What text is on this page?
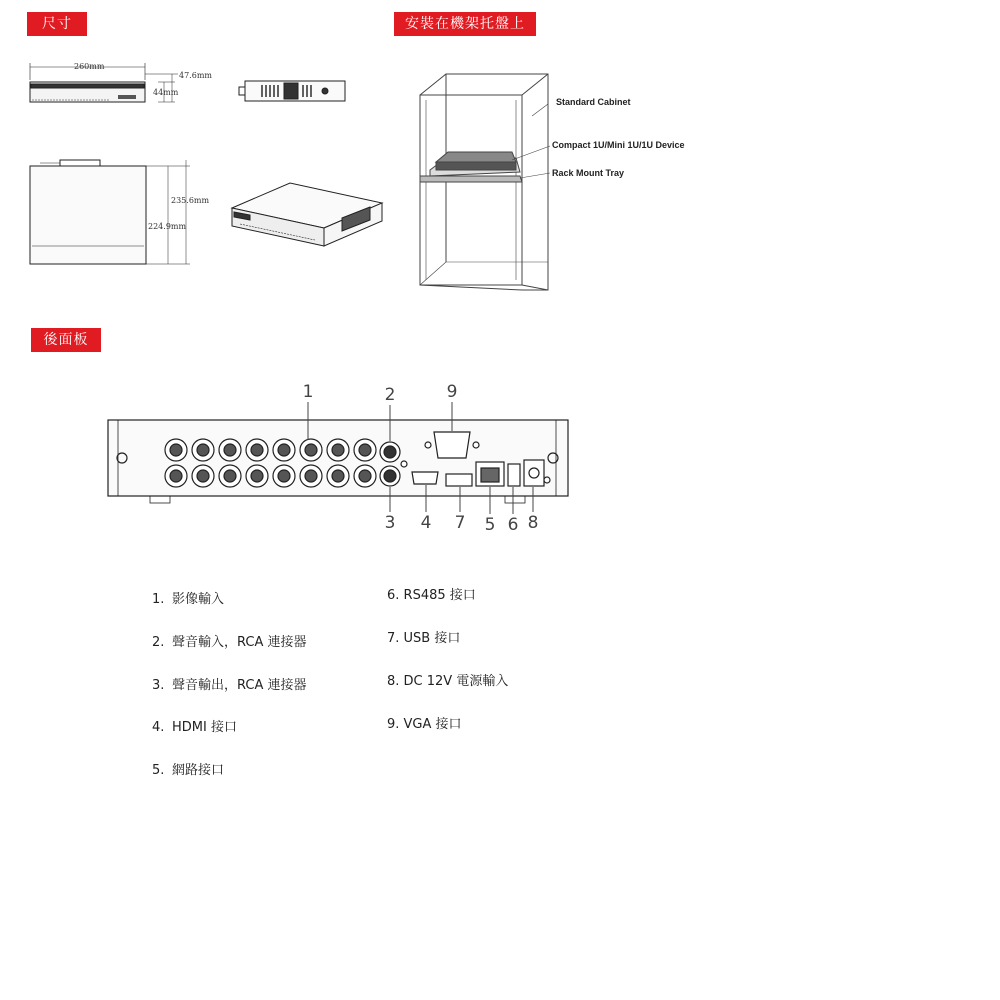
尺寸	安裝在機架托盤上
後面板
260mm
47.6mm
44mm
235.6mm
224.9mm
Standard Cabinet
Compact 1U/Mini 1U/1U Device
Rack Mount Tray
1	2	9
3 4 7 5 6 8
1. 影像輸入
2. 聲音輸入，RCA 連接器
3. 聲音輸出，RCA 連接器
4. HDMI 接口
5. 網路接口
6. RS485 接口
7. USB 接口
8. DC 12V 電源輸入
9. VGA 接口
